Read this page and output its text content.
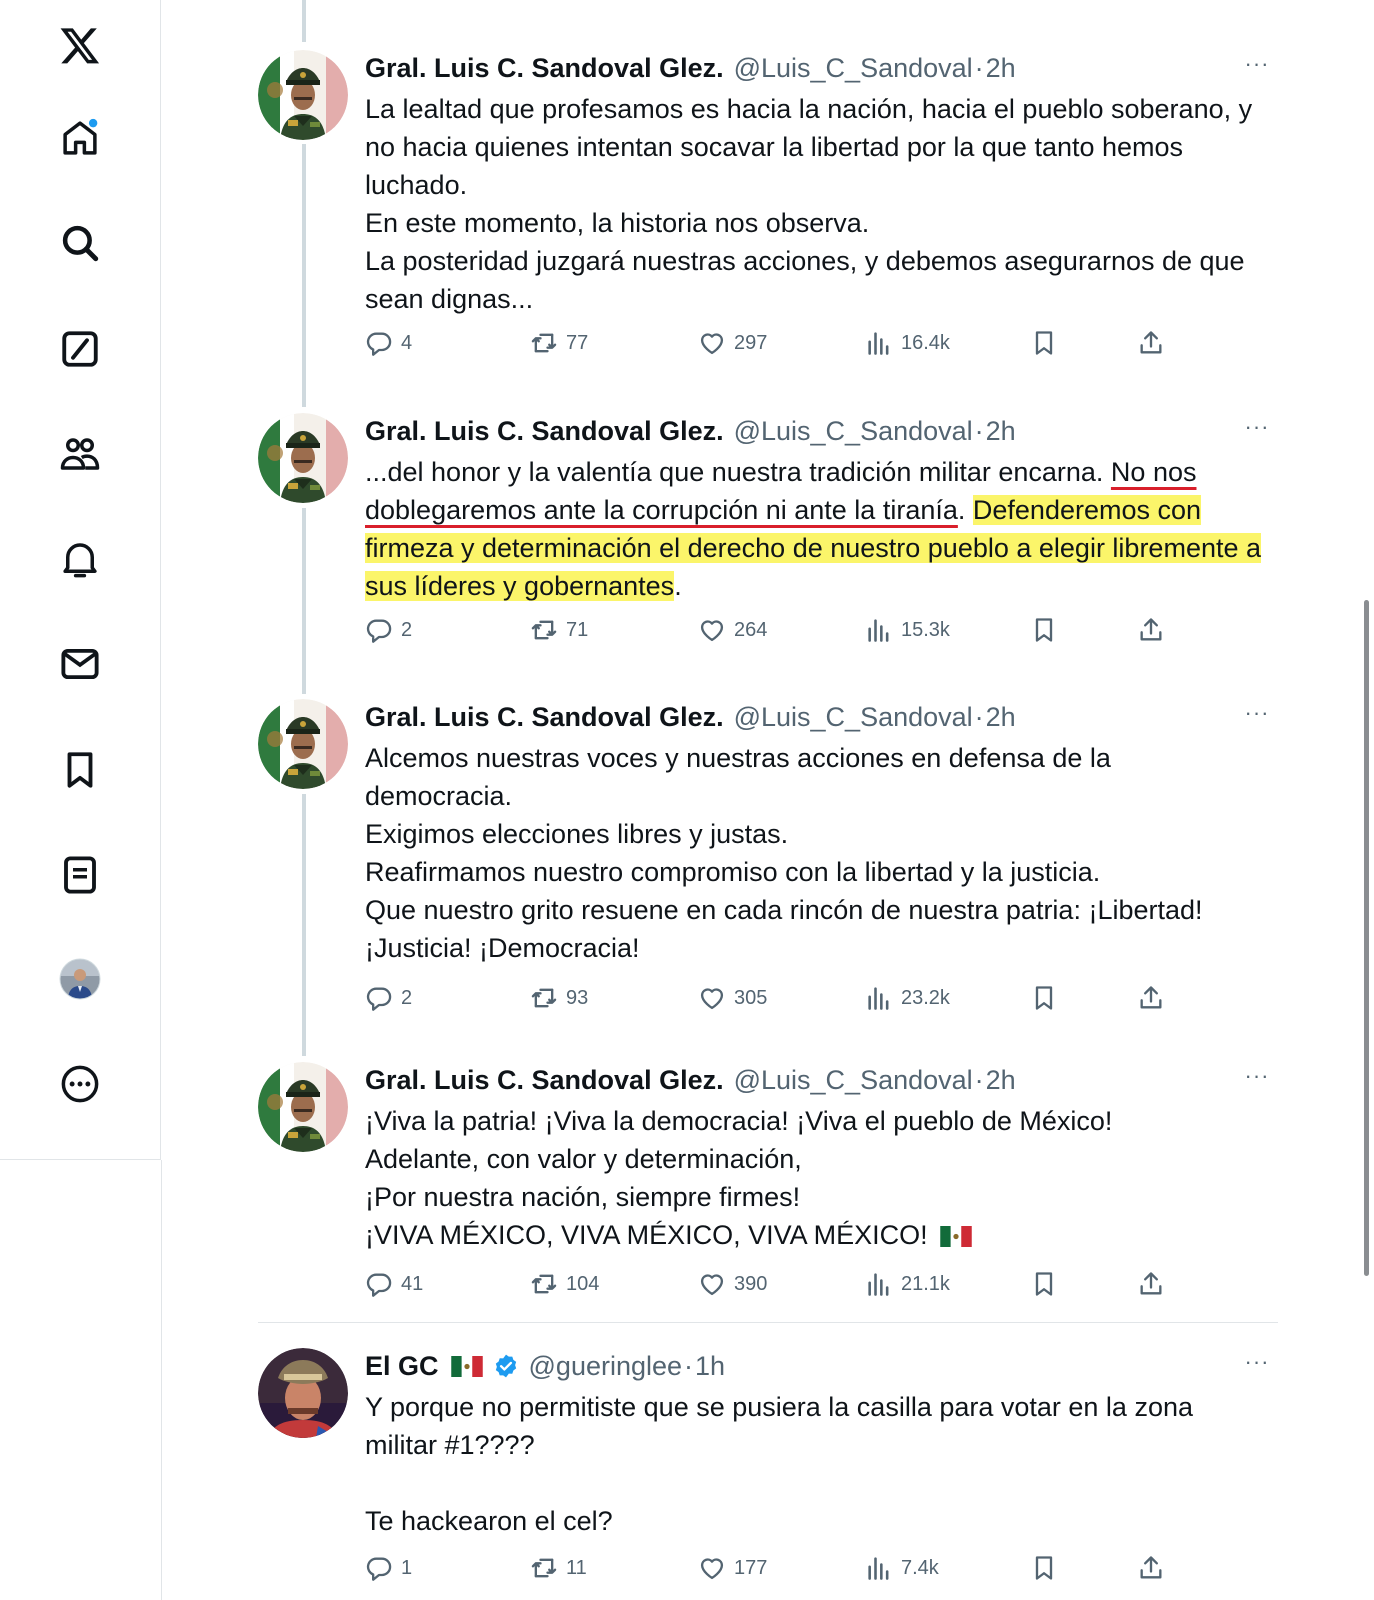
Gral. Luis C. Sandoval Glez. @Luis_C_Sandoval · 2h	···

La lealtad que profesamos es hacia la nación, hacia el pueblo soberano, y no hacia quienes intentan socavar la libertad por la que tanto hemos luchado.

En este momento, la historia nos observa.

La posteridad juzgará nuestras acciones, y debemos asegurarnos de que sean dignas...

4	77	297	16.4k
Gral. Luis C. Sandoval Glez. @Luis_C_Sandoval · 2h	···
...del honor y la valentía que nuestra tradición militar encarna. No nos doblegaremos ante la corrupción ni ante la tiranía. Defenderemos con firmeza y determinación el derecho de nuestro pueblo a elegir libremente a sus líderes y gobernantes.
2	71	264	15.3k
Gral. Luis C. Sandoval Glez. @Luis_C_Sandoval · 2h	···

Alcemos nuestras voces y nuestras acciones en defensa de la democracia.

Exigimos elecciones libres y justas.

Reafirmamos nuestro compromiso con la libertad y la justicia.

Que nuestro grito resuene en cada rincón de nuestra patria: ¡Libertad! ¡Justicia! ¡Democracia!

2	93	305	23.2k
Gral. Luis C. Sandoval Glez. @Luis_C_Sandoval · 2h	···

¡Viva la patria! ¡Viva la democracia! ¡Viva el pueblo de México!

Adelante, con valor y determinación,

¡Por nuestra nación, siempre firmes!

¡VIVA MÉXICO, VIVA MÉXICO, VIVA MÉXICO!

41	104	390	21.1k
El GC	@gueringlee · 1h	···

Y porque no permitiste que se pusiera la casilla para votar en la zona militar #1????

Te hackearon el cel?

1	11	177	7.4k
